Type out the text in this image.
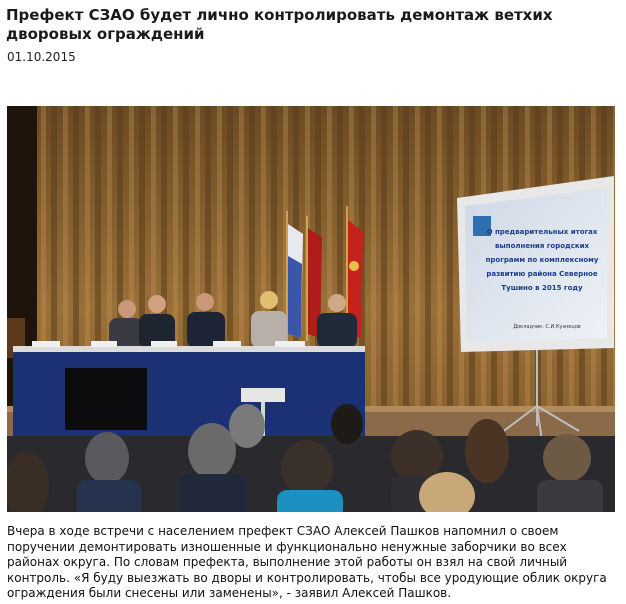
Префект СЗАО будет лично контролировать демонтаж ветхих дворовых ограждений
01.10.2015
О предварительных итогах
выполнения городских
программ по комплексному
развитию района Северное
Тушино в 2015 году
Докладчик: С.И.Кузнецов

Вчера в ходе встречи с населением префект СЗАО Алексей Пашков напомнил о своем поручении демонтировать изношенные и функционально ненужные заборчики во всех районах округа. По словам префекта, выполнение этой работы он взял на свой личный контроль. «Я буду выезжать во дворы и контролировать, чтобы все уродующие облик округа ограждения были снесены или заменены», - заявил Алексей Пашков.
